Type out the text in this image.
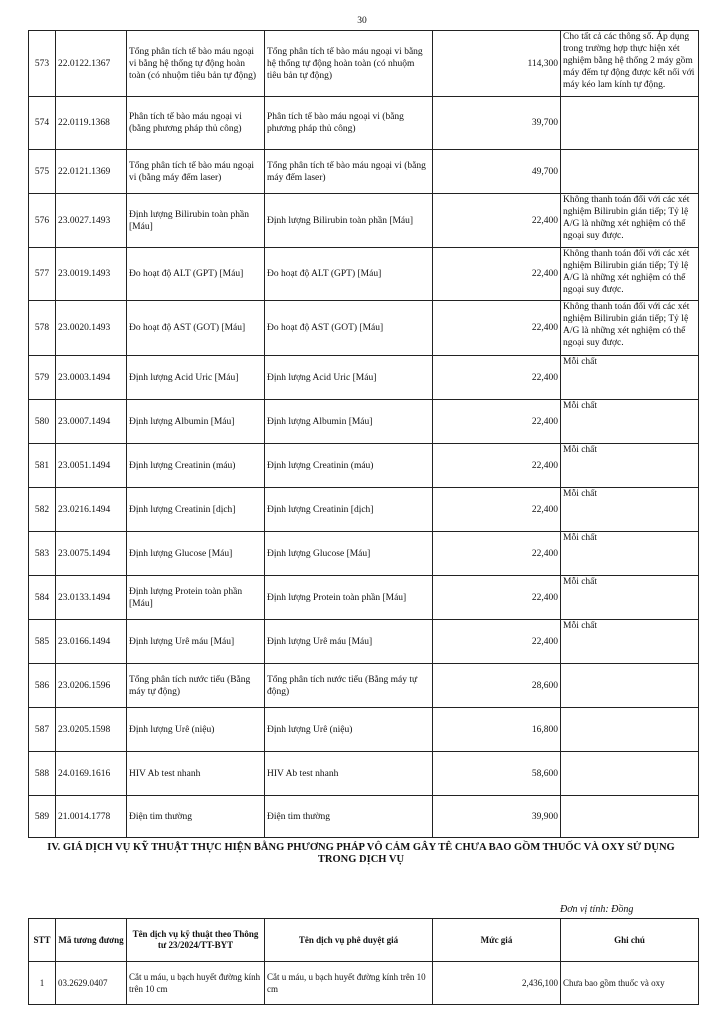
30
573	22.0122.1367	Tổng phân tích tế bào máu ngoại vi bằng hệ thống tự động hoàn toàn (có nhuộm tiêu bản tự động)	Tổng phân tích tế bào máu ngoại vi bằng hệ thống tự động hoàn toàn (có nhuộm tiêu bản tự động)	114,300	Cho tất cả các thông số. Áp dụng trong trường hợp thực hiện xét nghiệm bằng hệ thống 2 máy gồm máy đếm tự động được kết nối với máy kéo lam kính tự động.
574	22.0119.1368	Phân tích tế bào máu ngoại vi (bằng phương pháp thủ công)	Phân tích tế bào máu ngoại vi (bằng phương pháp thủ công)	39,700	
575	22.0121.1369	Tổng phân tích tế bào máu ngoại vi (bằng máy đếm laser)	Tổng phân tích tế bào máu ngoại vi (bằng máy đếm laser)	49,700	
576	23.0027.1493	Định lượng Bilirubin toàn phần [Máu]	Định lượng Bilirubin toàn phần [Máu]	22,400	Không thanh toán đối với các xét nghiệm Bilirubin gián tiếp; Tỷ lệ A/G là những xét nghiệm có thể ngoại suy được.
577	23.0019.1493	Đo hoạt độ ALT (GPT) [Máu]	Đo hoạt độ ALT (GPT) [Máu]	22,400	Không thanh toán đối với các xét nghiệm Bilirubin gián tiếp; Tỷ lệ A/G là những xét nghiệm có thể ngoại suy được.
578	23.0020.1493	Đo hoạt độ AST (GOT) [Máu]	Đo hoạt độ AST (GOT) [Máu]	22,400	Không thanh toán đối với các xét nghiệm Bilirubin gián tiếp; Tỷ lệ A/G là những xét nghiệm có thể ngoại suy được.
579	23.0003.1494	Định lượng Acid Uric [Máu]	Định lượng Acid Uric [Máu]	22,400	Mỗi chất
580	23.0007.1494	Định lượng Albumin [Máu]	Định lượng Albumin [Máu]	22,400	Mỗi chất
581	23.0051.1494	Định lượng Creatinin (máu)	Định lượng Creatinin (máu)	22,400	Mỗi chất
582	23.0216.1494	Định lượng Creatinin [dịch]	Định lượng Creatinin [dịch]	22,400	Mỗi chất
583	23.0075.1494	Định lượng Glucose [Máu]	Định lượng Glucose [Máu]	22,400	Mỗi chất
584	23.0133.1494	Định lượng Protein toàn phần [Máu]	Định lượng Protein toàn phần [Máu]	22,400	Mỗi chất
585	23.0166.1494	Định lượng Urê máu [Máu]	Định lượng Urê máu [Máu]	22,400	Mỗi chất
586	23.0206.1596	Tổng phân tích nước tiểu (Bằng máy tự động)	Tổng phân tích nước tiểu (Bằng máy tự động)	28,600	
587	23.0205.1598	Định lượng Urê (niệu)	Định lượng Urê (niệu)	16,800	
588	24.0169.1616	HIV Ab test nhanh	HIV Ab test nhanh	58,600	
589	21.0014.1778	Điện tim thường	Điện tim thường	39,900	
IV. GIÁ DỊCH VỤ KỸ THUẬT THỰC HIỆN BẰNG PHƯƠNG PHÁP VÔ CẢM GÂY TÊ CHƯA BAO GỒM THUỐC VÀ OXY SỬ DỤNG
TRONG DỊCH VỤ
Đơn vị tính: Đồng
STT	Mã tương đương	Tên dịch vụ kỹ thuật theo Thông tư 23/2024/TT-BYT	Tên dịch vụ phê duyệt giá	Mức giá	Ghi chú
1	03.2629.0407	Cắt u máu, u bạch huyết đường kính trên 10 cm	Cắt u máu, u bạch huyết đường kính trên 10 cm	2,436,100	Chưa bao gồm thuốc và oxy
